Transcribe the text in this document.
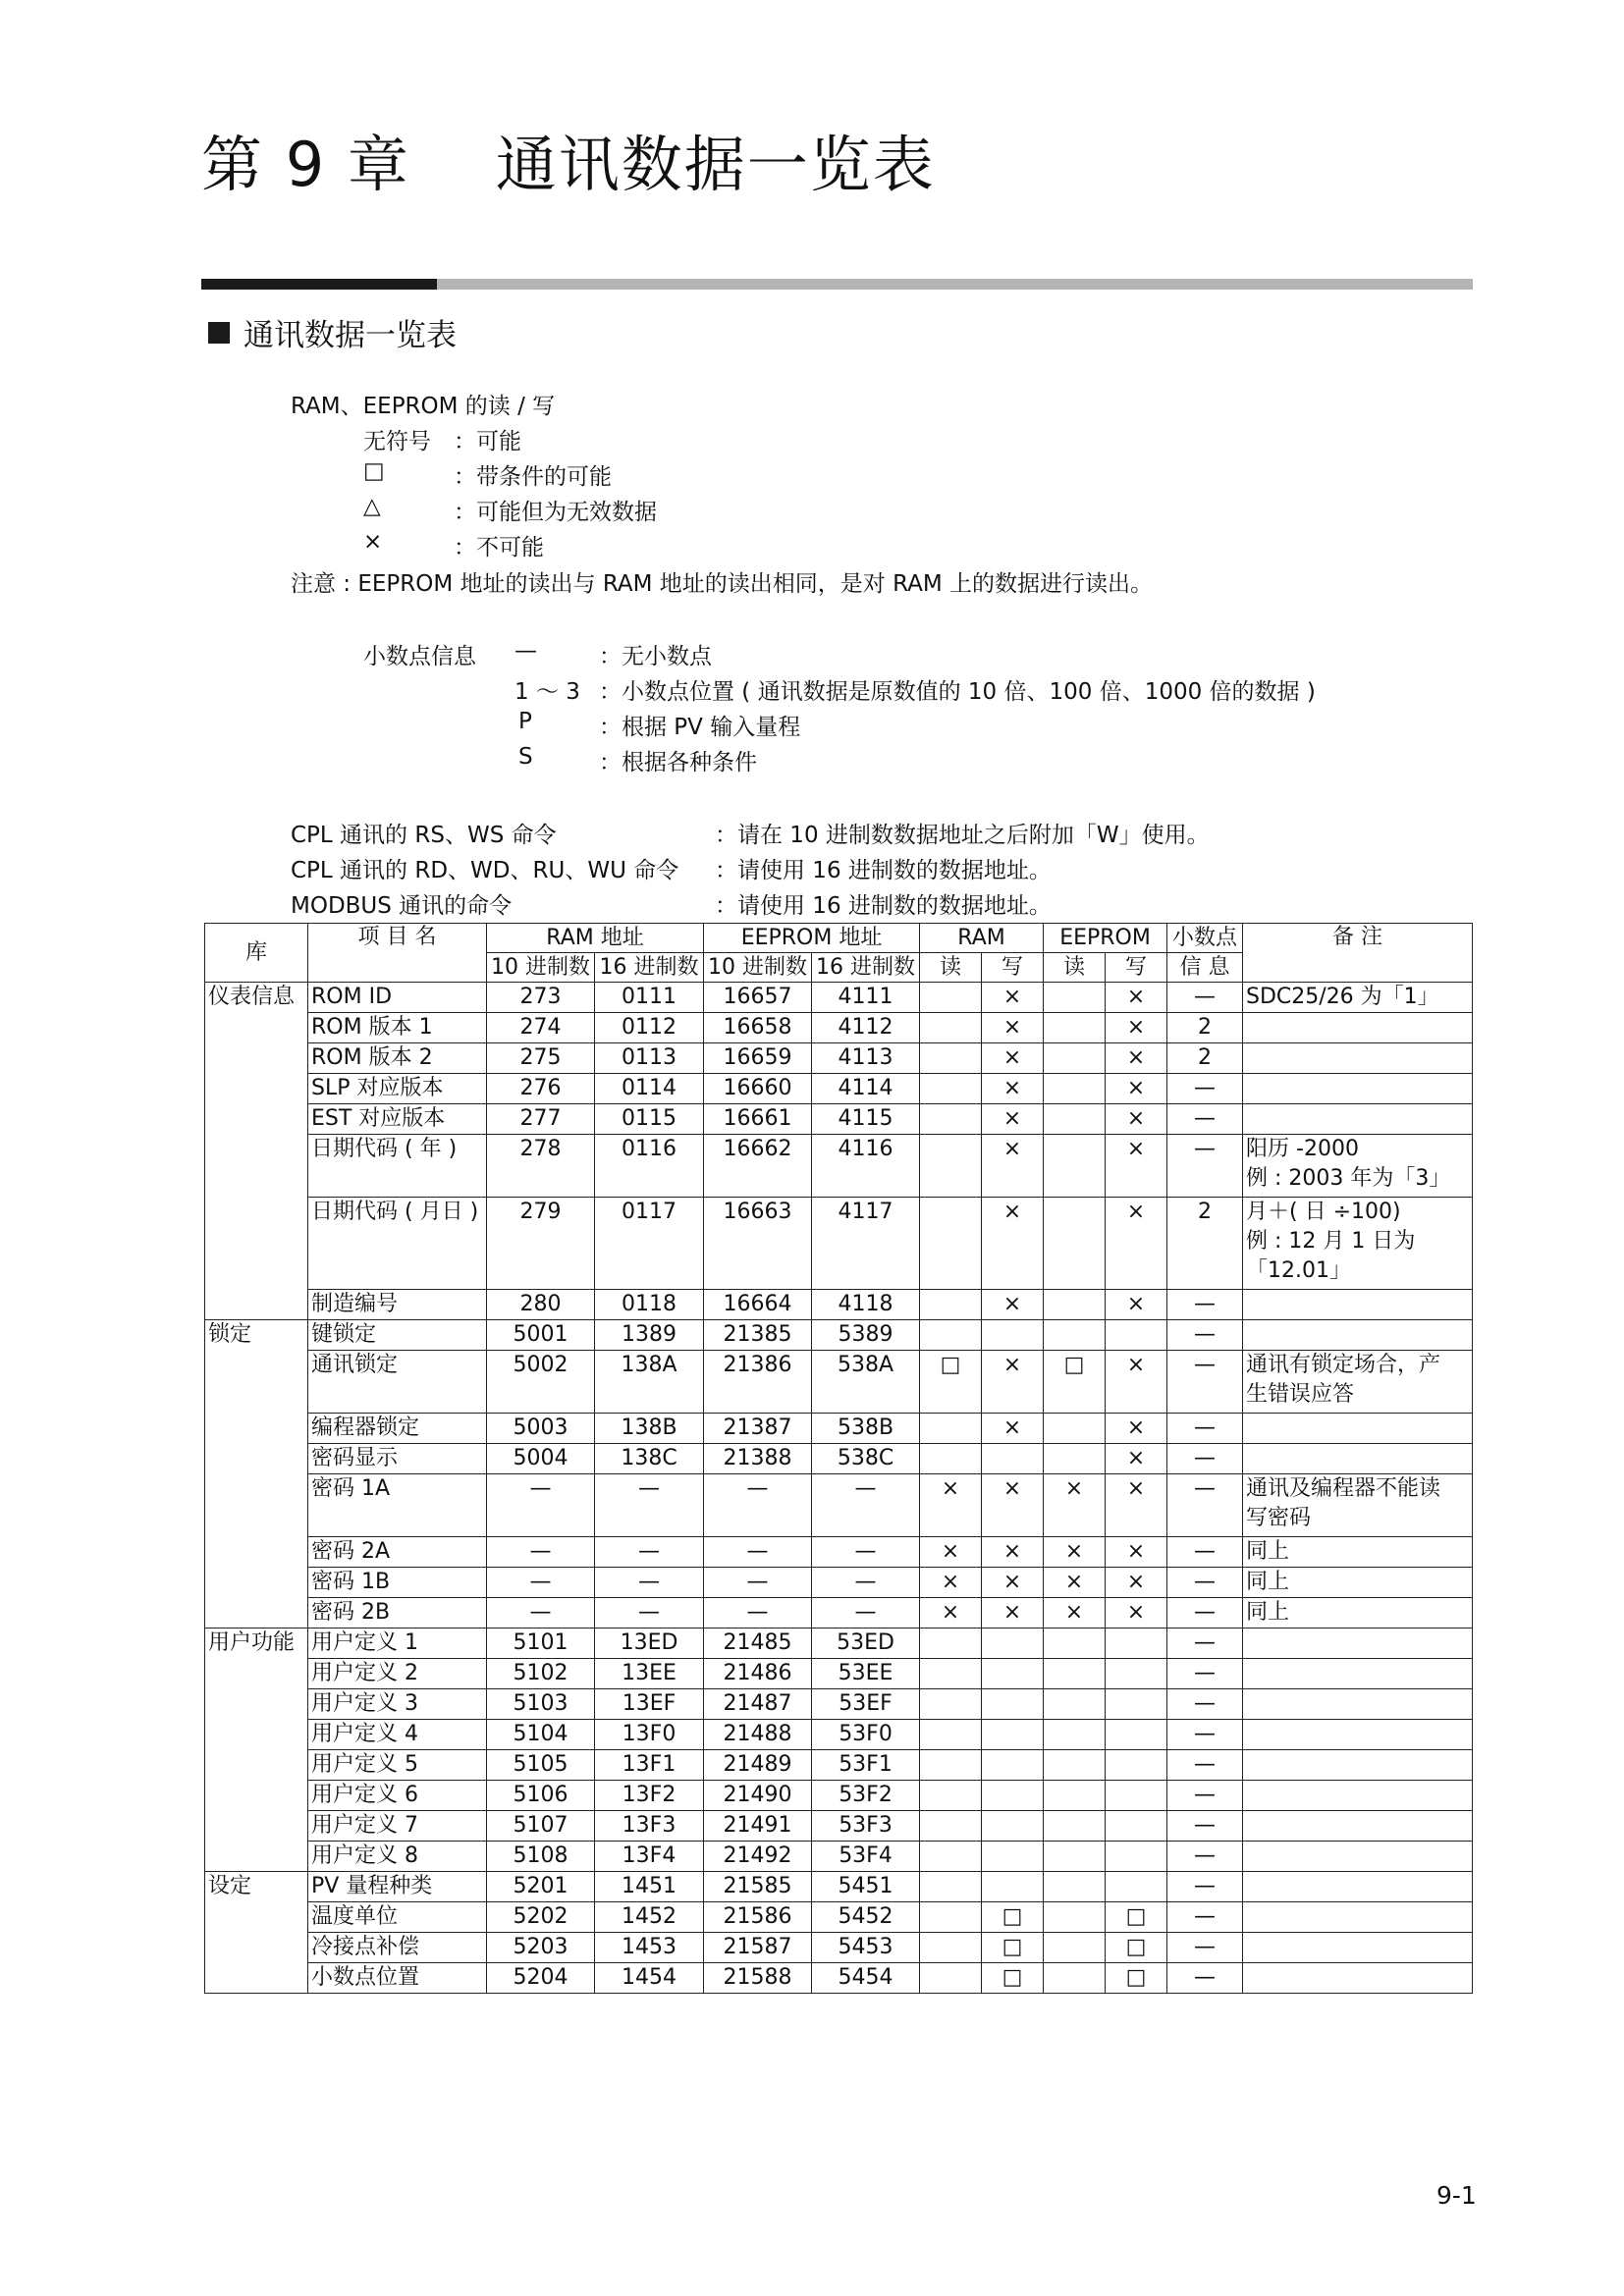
第 9 章    通讯数据一览表
通讯数据一览表
RAM、EEPROM 的读 / 写
无符号 ：可能
□	：带条件的可能
△	：可能但为无效数据
×	：不可能
注意 : EEPROM 地址的读出与 RAM 地址的读出相同，是对 RAM 上的数据进行读出。
小数点信息 —	：无小数点
1 ～ 3 ：小数点位置 ( 通讯数据是原数值的 10 倍、100 倍、1000 倍的数据 )
P	：根据 PV 输入量程
S	：根据各种条件
CPL 通讯的 RS、WS 命令	：请在 10 进制数数据地址之后附加「W」使用。
CPL 通讯的 RD、WD、RU、WU 命令 ：请使用 16 进制数的数据地址。
MODBUS 通讯的命令	：请使用 16 进制数的数据地址。
库	项 目 名	RAM 地址		EEPROM 地址		RAM		EEPROM		小数点	备 注
		10 进制数	16 进制数	10 进制数	16 进制数	读	写	读	写	信 息	
仪表信息	ROM ID	273	0111	16657	4111		×		×	—	SDC25/26 为「1」
	ROM 版本 1	274	0112	16658	4112		×		×	2	
	ROM 版本 2	275	0113	16659	4113		×		×	2	
	SLP 对应版本	276	0114	16660	4114		×		×	—	
	EST 对应版本	277	0115	16661	4115		×		×	—	
	日期代码 ( 年 )	278	0116	16662	4116		×		×	—	阳历 -2000
例 : 2003 年为「3」
	日期代码 ( 月日 )	279	0117	16663	4117		×		×	2	月＋( 日 ÷100)
例 : 12 月 1 日为
「12.01」
	制造编号	280	0118	16664	4118		×		×	—	
锁定	键锁定	5001	1389	21385	5389					—	
	通讯锁定	5002	138A	21386	538A	□	×	□	×	—	通讯有锁定场合，产
生错误应答
	编程器锁定	5003	138B	21387	538B		×		×	—	
	密码显示	5004	138C	21388	538C				×	—	
	密码 1A	—	—	—	—	×	×	×	×	—	通讯及编程器不能读
写密码
	密码 2A	—	—	—	—	×	×	×	×	—	同上
	密码 1B	—	—	—	—	×	×	×	×	—	同上
	密码 2B	—	—	—	—	×	×	×	×	—	同上
用户功能	用户定义 1	5101	13ED	21485	53ED					—	
	用户定义 2	5102	13EE	21486	53EE					—	
	用户定义 3	5103	13EF	21487	53EF					—	
	用户定义 4	5104	13F0	21488	53F0					—	
	用户定义 5	5105	13F1	21489	53F1					—	
	用户定义 6	5106	13F2	21490	53F2					—	
	用户定义 7	5107	13F3	21491	53F3					—	
	用户定义 8	5108	13F4	21492	53F4					—	
设定	PV 量程种类	5201	1451	21585	5451					—	
	温度单位	5202	1452	21586	5452		□		□	—	
	冷接点补偿	5203	1453	21587	5453		□		□	—	
	小数点位置	5204	1454	21588	5454		□		□	—	
9-1
